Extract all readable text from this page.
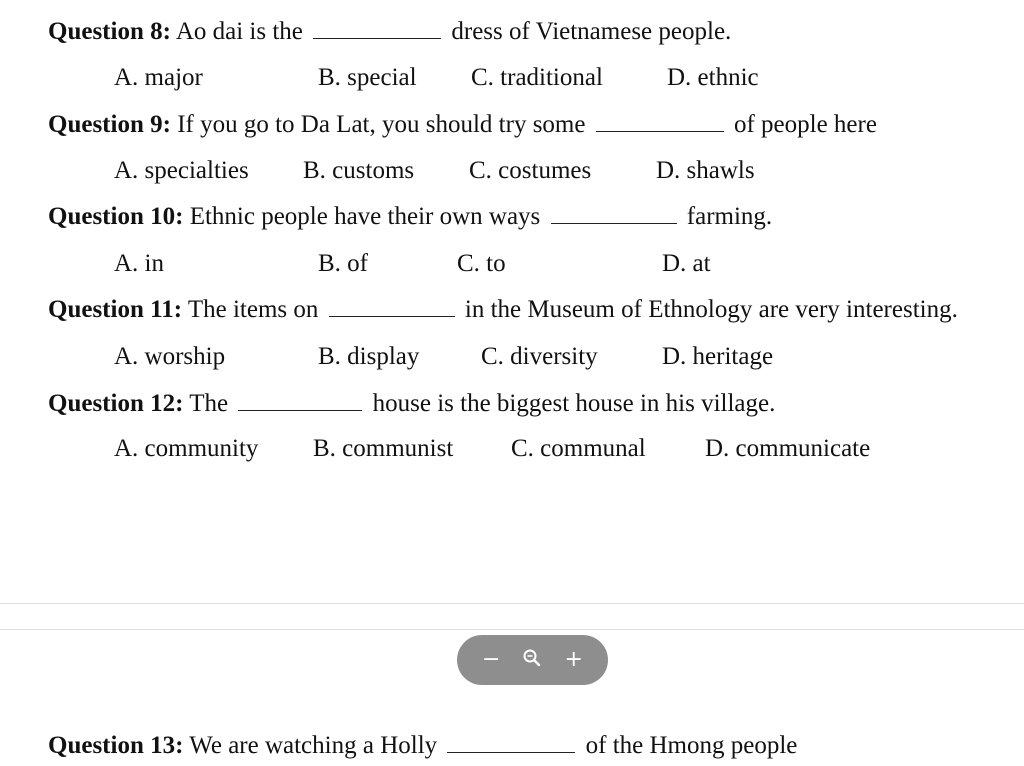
Question 8: Ao dai is the	dress of Vietnamese people.
A. major	B. special C. traditional	D. ethnic
Question 9: If you go to Da Lat, you should try some	of people here
A. specialties B. customs C. costumes	D. shawls
Question 10: Ethnic people have their own ways	farming.
A. in	B. of	C. to	D. at
Question 11: The items on	in the Museum of Ethnology are very interesting.
A. worship	B. display C. diversity	D. heritage
Question 12: The	house is the biggest house in his village.
A. community B. communist C. communal D. communicate
−	+
Question 13: We are watching a Holly	of the Hmong people
